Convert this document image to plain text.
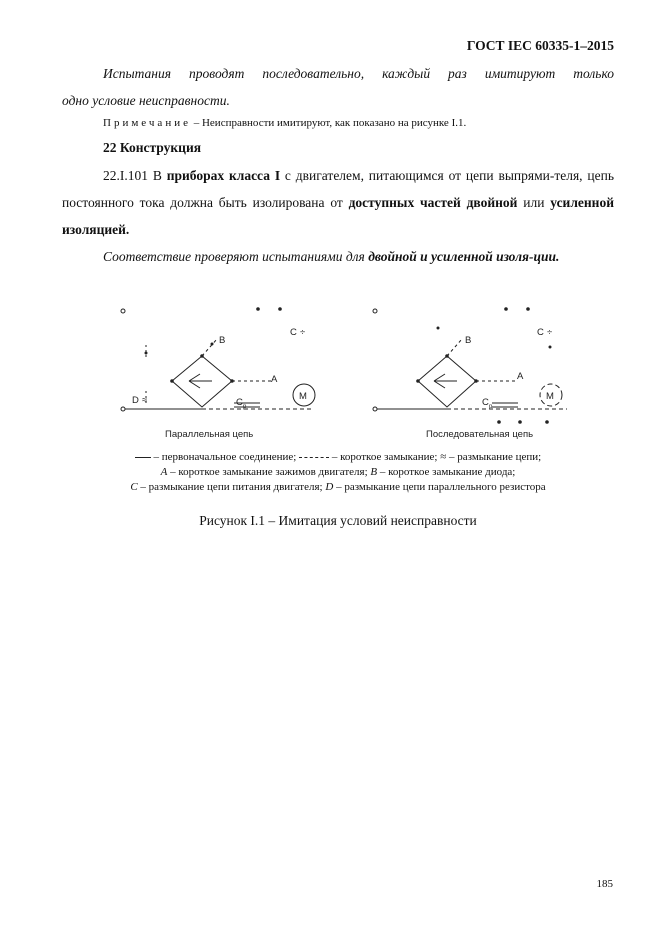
ГОСТ IEC 60335-1–2015
Испытания проводят последовательно, каждый раз имитируют только
одно условие неисправности.
Примечание – Неисправности имитируют, как показано на рисунке I.1.
22 Конструкция
22.I.101 В приборах класса I с двигателем, питающимся от цепи выпрями-теля, цепь постоянного тока должна быть изолирована от доступных частей двойной или усиленной изоляцией.
Соответствие проверяют испытаниями для двойной и усиленной изоля-ции.
B
A
C ÷
D ≈	C p
M
Параллельная цепь
B
A
C ÷
C p
M
Последовательная цепь
– первоначальное соединение;	– короткое замыкание; ≈ – размыкание цепи;
A – короткое замыкание зажимов двигателя; B – короткое замыкание диода;
C – размыкание цепи питания двигателя; D – размыкание цепи параллельного резистора
Рисунок I.1 – Имитация условий неисправности
185
